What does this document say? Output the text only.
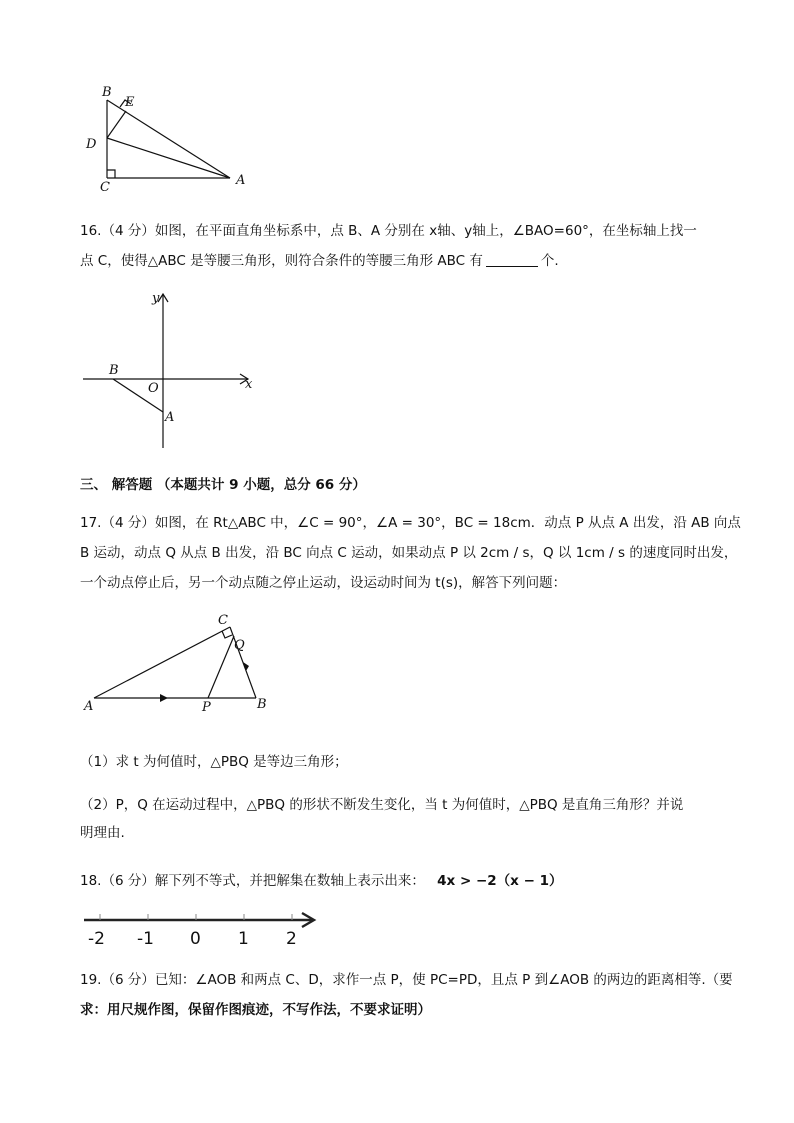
B
E
D
C	A
16.（4 分）如图，在平面直角坐标系中，点 B、A 分别在 x轴、y轴上，∠BAO=60°，在坐标轴上找一
点 C，使得△ABC 是等腰三角形，则符合条件的等腰三角形 ABC 有	个.
y
x
B
O
A
三、 解答题 （本题共计 9 小题，总分 66 分）
17.（4 分）如图，在 Rt△ABC 中，∠C = 90°，∠A = 30°，BC = 18cm．动点 P 从点 A 出发，沿 AB 向点
B 运动，动点 Q 从点 B 出发，沿 BC 向点 C 运动，如果动点 P 以 2cm / s，Q 以 1cm / s 的速度同时出发，
一个动点停止后，另一个动点随之停止运动，设运动时间为 t(s)，解答下列问题：
C
Q
A	P	B
（1）求 t 为何值时，△PBQ 是等边三角形；
（2）P，Q 在运动过程中，△PBQ 的形状不断发生变化，当 t 为何值时，△PBQ 是直角三角形？并说
明理由.
18.（6 分）解下列不等式，并把解集在数轴上表示出来： 4x > −2（x − 1）
-2 -1 0 1 2
19.（6 分）已知：∠AOB 和两点 C、D，求作一点 P，使 PC=PD，且点 P 到∠AOB 的两边的距离相等.（要
求：用尺规作图，保留作图痕迹，不写作法，不要求证明）
